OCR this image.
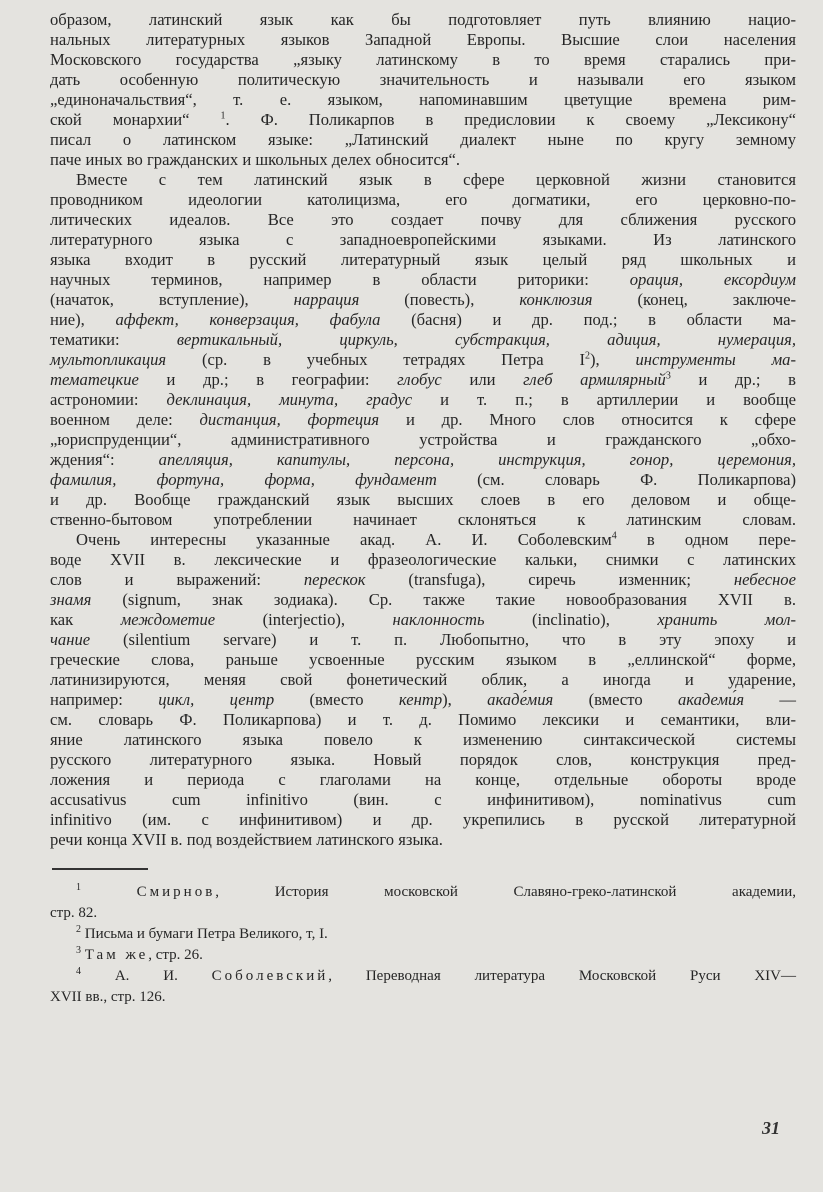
образом, латинский язык как бы подготовляет путь влиянию нацио-
нальных литературных языков Западной Европы. Высшие слои населения
Московского государства „языку латинскому в то время старались при-
дать особенную политическую значительность и называли его языком
„единоначальствия“, т. е. языком, напоминавшим цветущие времена рим-
ской монархии“ $^1$. Ф. Поликарпов в предисловии к своему „Лексикону“
писал о латинском языке: „Латинский диалект ныне по кругу земному
паче иных во гражданских и школьных делех обносится“.
Вместе с тем латинский язык в сфере церковной жизни становится
проводником идеологии католицизма, его догматики, его церковно-по-
литических идеалов. Все это создает почву для сближения русского
литературного языка с западноевропейскими языками. Из латинского
языка входит в русский литературный язык целый ряд школьных и
научных терминов, например в области риторики: орация, ексордиум
(начаток, вступление), наррация (повесть), конклюзия (конец, заключе-
ние), аффект, конверзация, фабула (басня) и др. под.; в области ма-
тематики: вертикальный, циркуль, субстракция, адиция, нумерация,
мультопликация (ср. в учебных тетрадях Петра $I^2$), инструменты ма-
тематецкие и др.; в географии: глобус или глеб армилярный$^3$ и др.; в
астрономии: деклинация, минута, градус и т. п.; в артиллерии и вообще
военном деле: дистанция, фортеция и др. Много слов относится к сфере
„юриспруденции“, административного устройства и гражданского „обхо-
ждения“: апелляция, капитулы, персона, инструкция, гонор, церемония,
фамилия, фортуна, форма, фундамент (см. словарь Ф. Поликарпова)
и др. Вообще гражданский язык высших слоев в его деловом и обще-
ственно-бытовом употреблении начинает склоняться к латинским словам.
Очень интересны указанные акад. А. И. Соболевским$^4$ в одном пере-
воде XVII в. лексические и фразеологические кальки, снимки с латинских
слов и выражений: перескок (transfuga), сиречь изменник; небесное
знамя (signum, знак зодиака). Ср. также такие новообразования XVII в.
как междометие (interjectio), наклонность (inclinatio), хранить мол-
чание (silentium servare) и т. п. Любопытно, что в эту эпоху и
греческие слова, раньше усвоенные русским языком в „еллинской“ форме,
латинизируются, меняя свой фонетический облик, а иногда и ударение,
например: цикл, центр (вместо кентр), акаде́мия (вместо академи́я —
см. словарь Ф. Поликарпова) и т. д. Помимо лексики и семантики, вли-
яние латинского языка повело к изменению синтаксической системы
русского литературного языка. Новый порядок слов, конструкция пред-
ложения и периода с глаголами на конце, отдельные обороты вроде
accusativus cum infinitivo (вин. с инфинитивом), nominativus cum
infinitivo (им. с инфинитивом) и др. укрепились в русской литературной
речи конца XVII в. под воздействием латинского языка.
$^1$	Смирнов, История московской Славяно-греко-латинской академии,
стр. 82.
$^2$ Письма и бумаги Петра Великого, т, I.
$^3$ Там же, стр. 26.
$^4$ А. И. Соболевский, Переводная литература Московской Руси XIV—
XVII вв., стр. 126.
31
